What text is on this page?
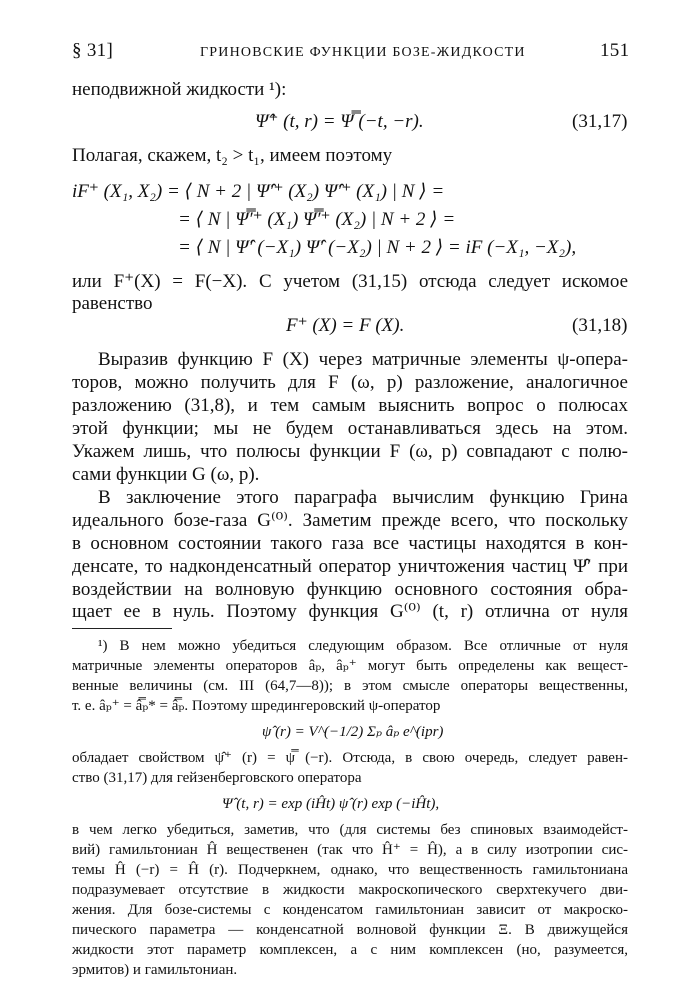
§ 31]	ГРИНОВСКИЕ ФУНКЦИИ БОЗЕ-ЖИДКОСТИ	151
неподвижной жидкости ¹):
Ψ̂⁺ (t, r) = Ψ̿ (−t, −r).	(31,17)
Полагая, скажем, t₂ > t₁, имеем поэтому
iF⁺ (X₁, X₂) = ⟨ N + 2 | Ψ̂′⁺ (X₂) Ψ̂′⁺ (X₁) | N ⟩ =
= ⟨ N | Ψ̿′⁺ (X₁) Ψ̿′⁺ (X₂) | N + 2 ⟩ =
= ⟨ N | Ψ̂′ (−X₁) Ψ̂′ (−X₂) | N + 2 ⟩ = iF (−X₁, −X₂),
или F⁺(X) = F(−X). С учетом (31,15) отсюда следует искомое
равенство
F⁺ (X) = F (X).	(31,18)
Выразив функцию F (X) через матричные элементы ψ-опера-
торов, можно получить для F (ω, p) разложение, аналогичное
разложению (31,8), и тем самым выяснить вопрос о полюсах
этой функции; мы не будем останавливаться здесь на этом.
Укажем лишь, что полюсы функции F (ω, p) совпадают с полю-
сами функции G (ω, p).
В заключение этого параграфа вычислим функцию Грина
идеального бозе-газа G⁽⁰⁾. Заметим прежде всего, что поскольку
в основном состоянии такого газа все частицы находятся в кон-
денсате, то надконденсатный оператор уничтожения частиц Ψ̂′ при
воздействии на волновую функцию основного состояния обра-
щает ее в нуль. Поэтому функция G⁽⁰⁾ (t, r) отлична от нуля
¹) В нем можно убедиться следующим образом. Все отличные от нуля
матричные элементы операторов âₚ, âₚ⁺ могут быть определены как вещест-
венные величины (см. III (64,7—8)); в этом смысле операторы вещественны,
т. е. âₚ⁺ = â̿ₚ* = â̿ₚ. Поэтому шредингеровский ψ-оператор
ψ̂ (r) = V^(−1/2) Σₚ âₚ e^(ipr)
обладает свойством ψ̂⁺ (r) = ψ̿ (−r). Отсюда, в свою очередь, следует равен-
ство (31,17) для гейзенберговского оператора
Ψ̂ (t, r) = exp (iĤt) ψ̂ (r) exp (−iĤt),
в чем легко убедиться, заметив, что (для системы без спиновых взаимодейст-
вий) гамильтониан Ĥ вещественен (так что Ĥ⁺ = Ĥ), а в силу изотропии сис-
темы Ĥ (−r) = Ĥ (r). Подчеркнем, однако, что вещественность гамильтониана
подразумевает отсутствие в жидкости макроскопического сверхтекучего дви-
жения. Для бозе-системы с конденсатом гамильтониан зависит от макроско-
пического параметра — конденсатной волновой функции Ξ. В движущейся
жидкости этот параметр комплексен, а с ним комплексен (но, разумеется,
эрмитов) и гамильтониан.
